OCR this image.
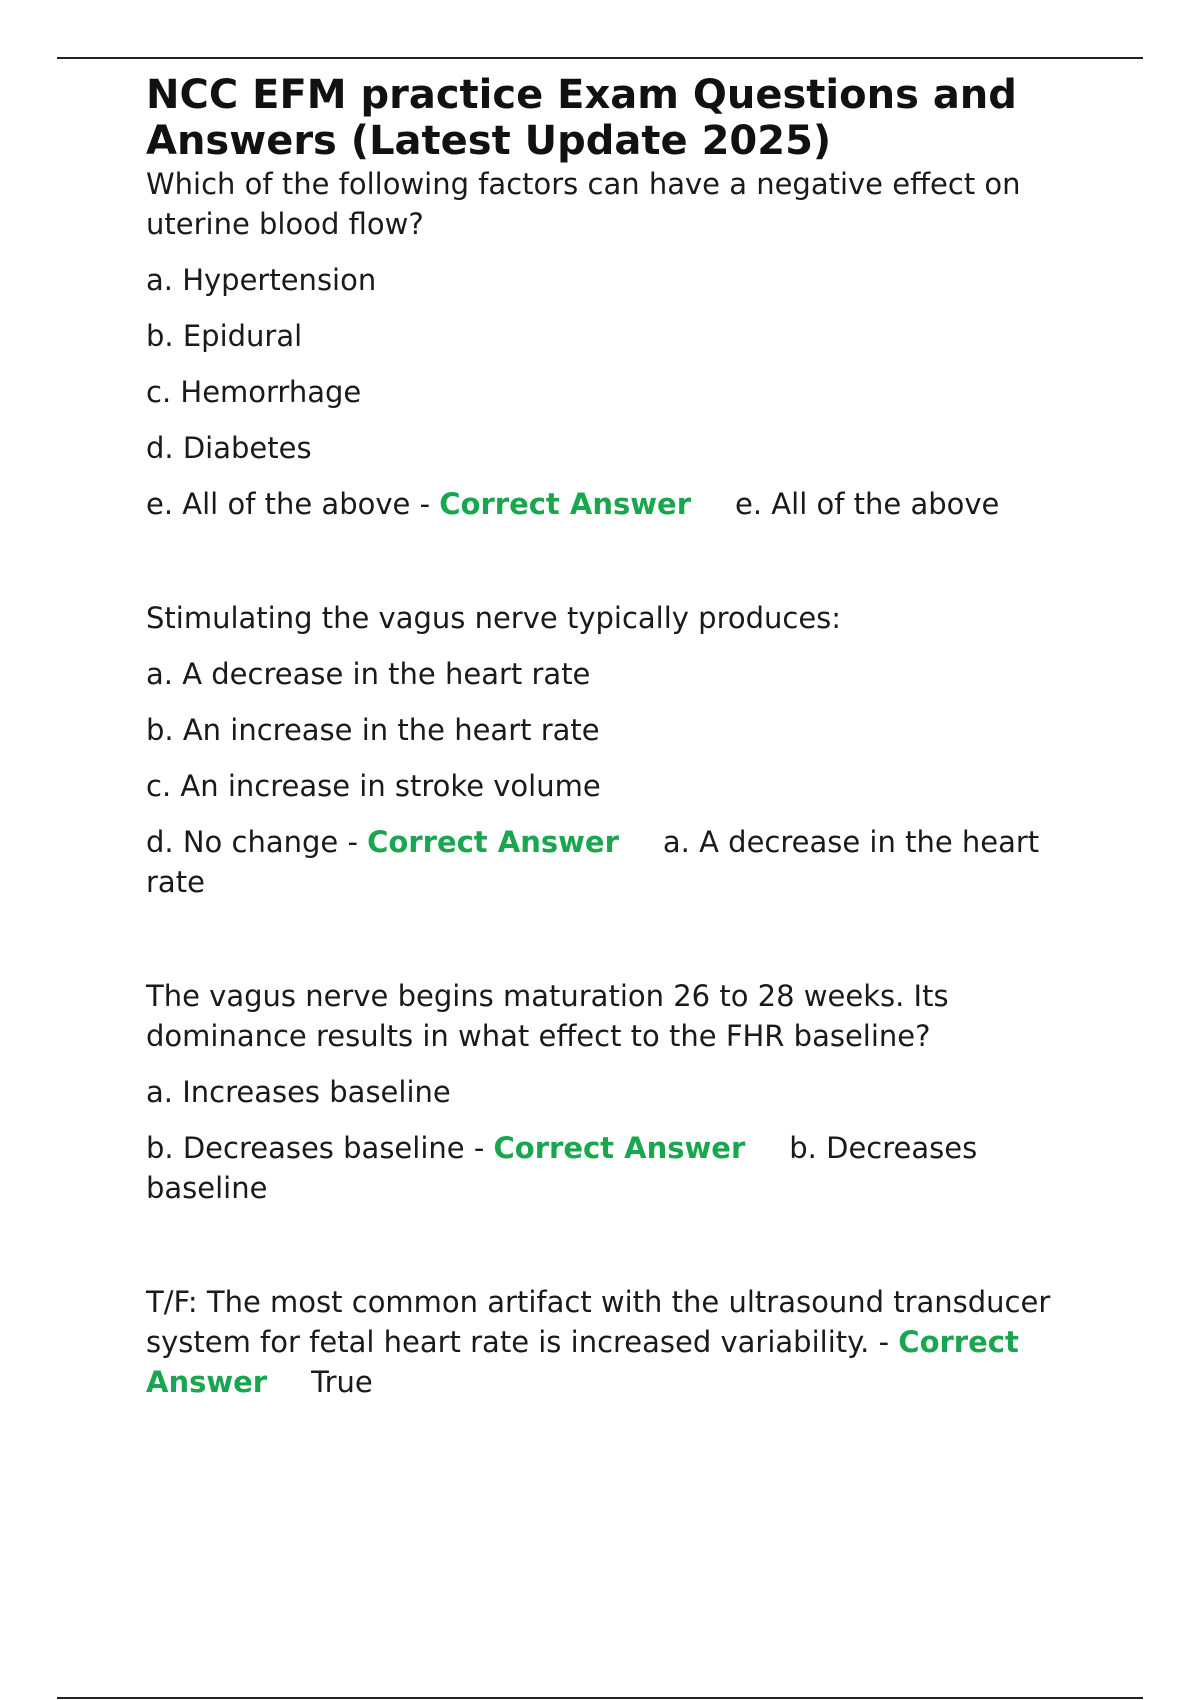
NCC EFM practice Exam Questions and Answers (Latest Update 2025)

Which of the following factors can have a negative effect on uterine blood flow?

a. Hypertension
b. Epidural
c. Hemorrhage
d. Diabetes
e. All of the above - Correct Answer e. All of the above

Stimulating the vagus nerve typically produces:

a. A decrease in the heart rate
b. An increase in the heart rate
c. An increase in stroke volume
d. No change - Correct Answer a. A decrease in the heart rate

The vagus nerve begins maturation 26 to 28 weeks. Its dominance results in what effect to the FHR baseline?

a. Increases baseline
b. Decreases baseline - Correct Answer b. Decreases baseline

T/F: The most common artifact with the ultrasound transducer system for fetal heart rate is increased variability. - Correct Answer True
